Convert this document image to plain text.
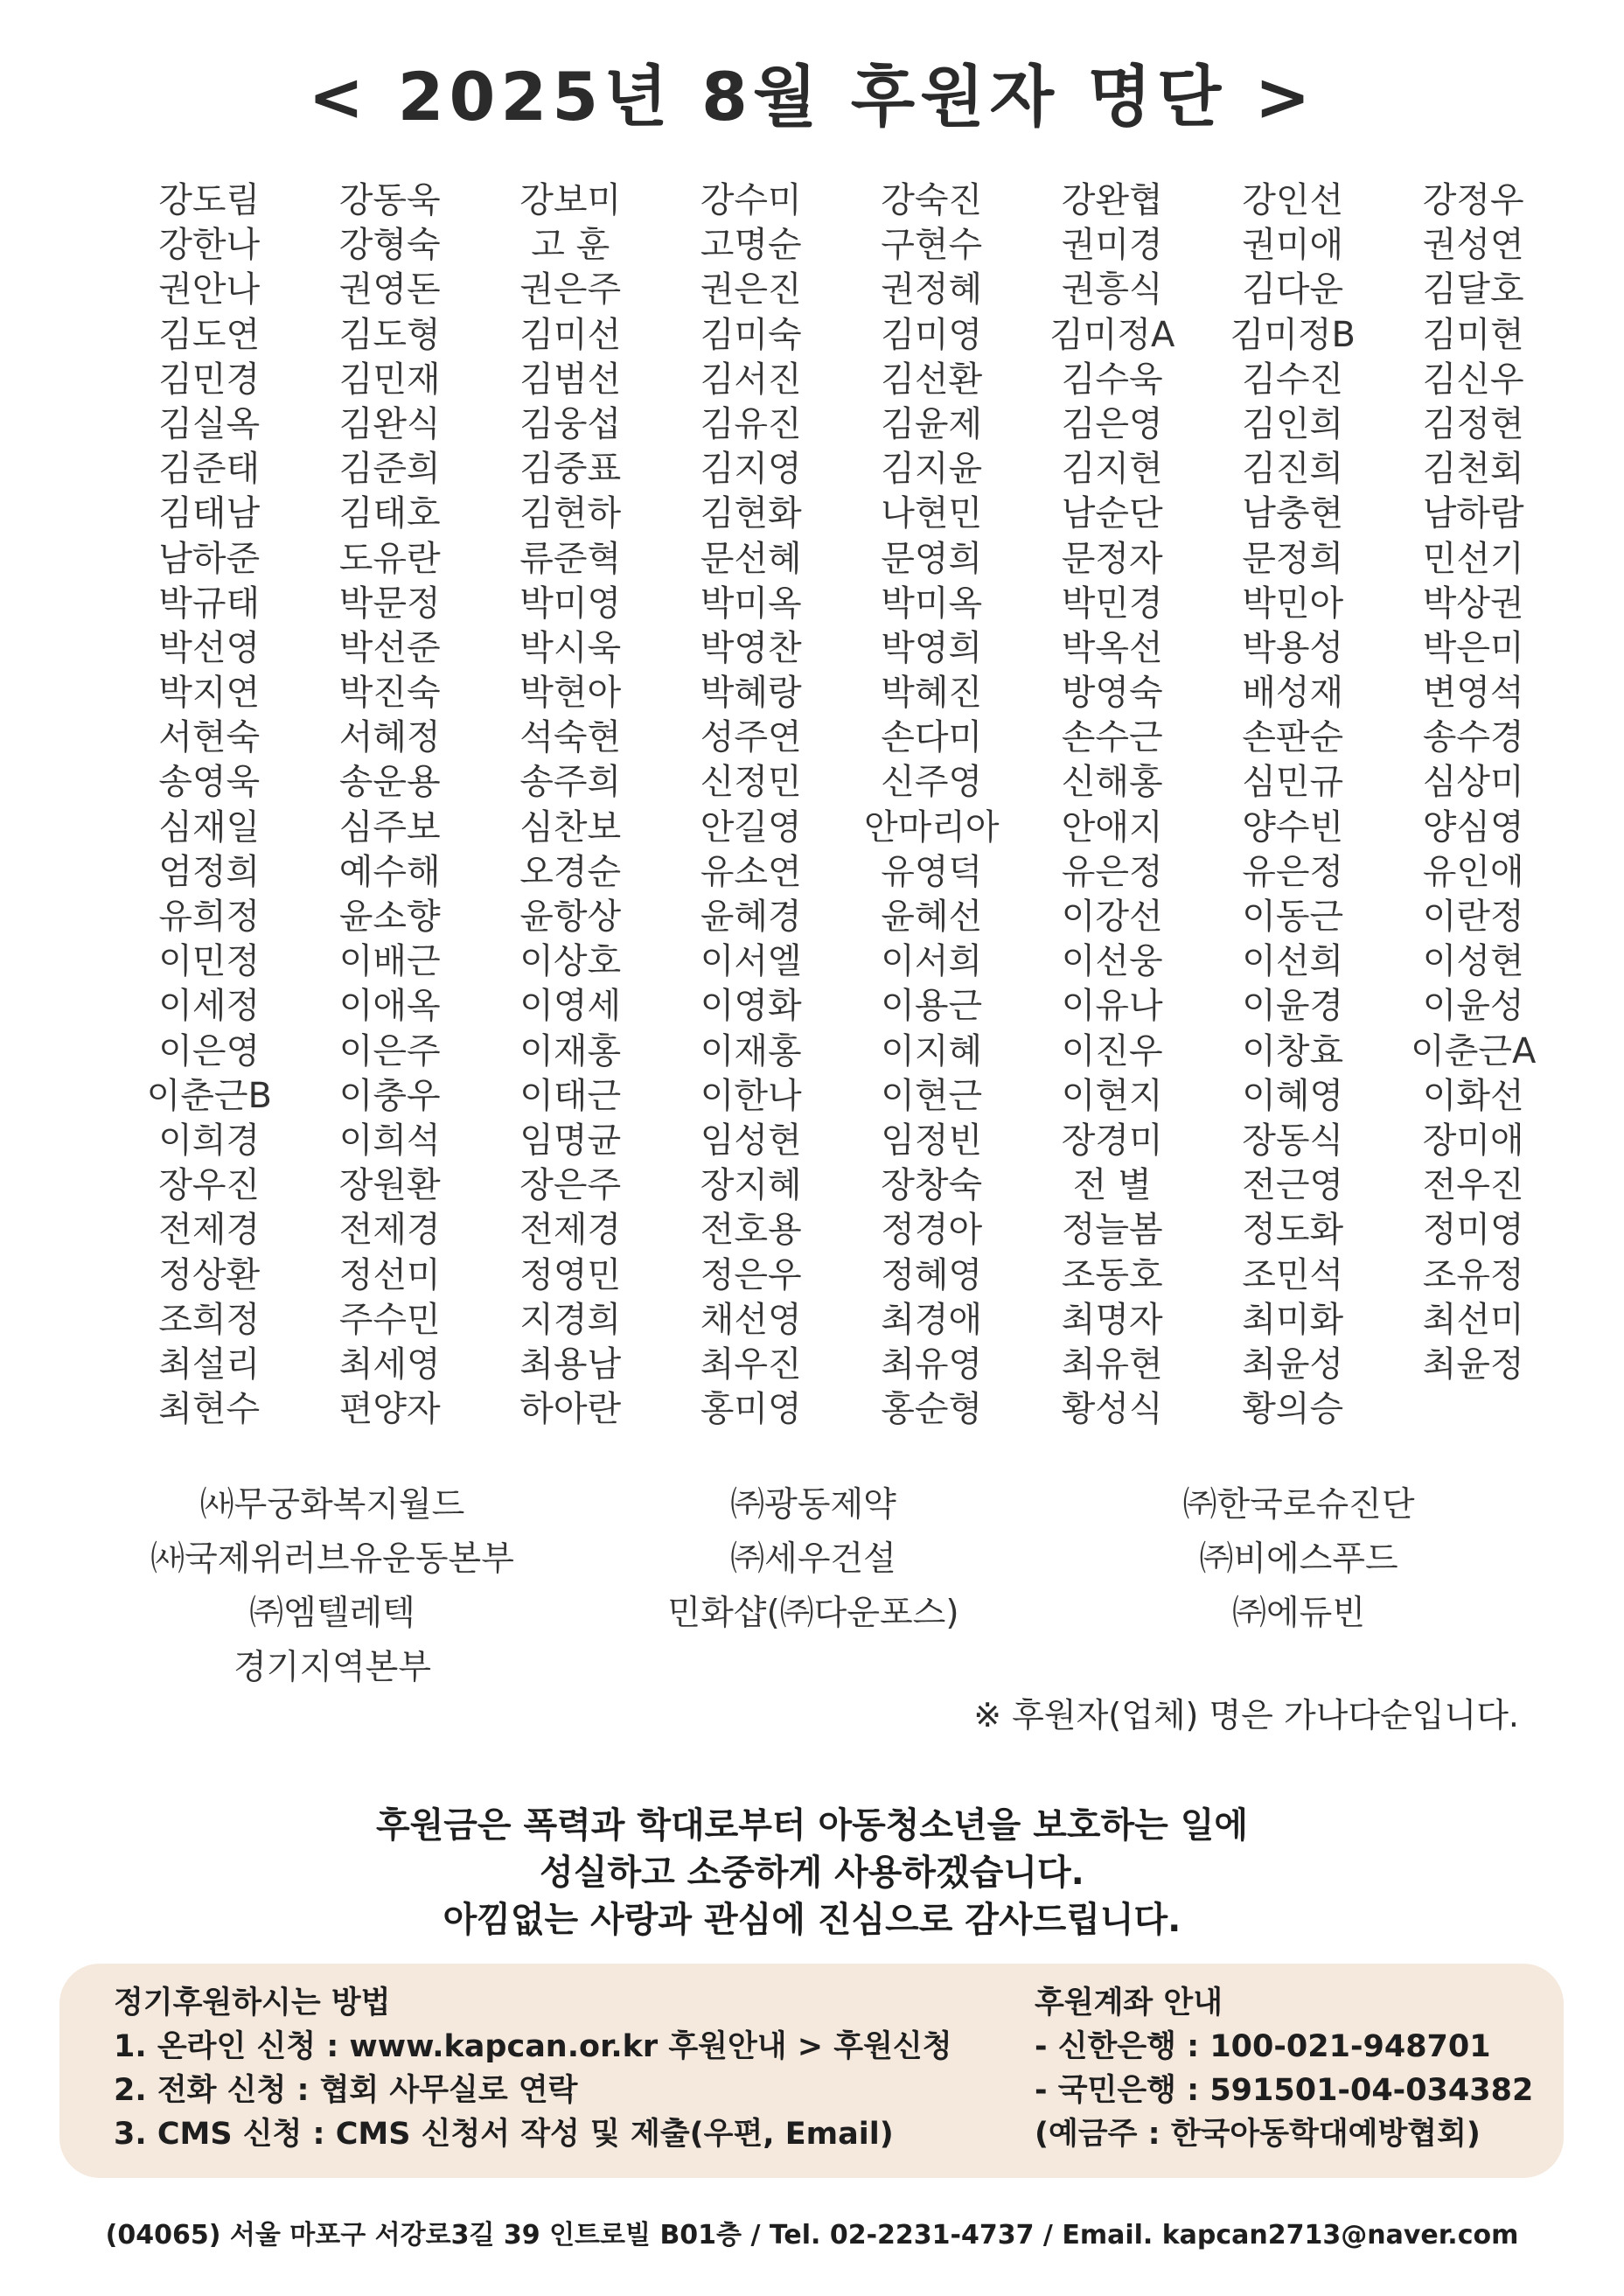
< 2025년 8월 후원자 명단 >
강도림	강동욱	강보미	강수미	강숙진	강완협	강인선	강정우
강한나	강형숙	고 훈	고명순	구현수	권미경	권미애	권성연
권안나	권영돈	권은주	권은진	권정혜	권흥식	김다운	김달호
김도연	김도형	김미선	김미숙	김미영	김미정A	김미정B	김미현
김민경	김민재	김범선	김서진	김선환	김수욱	김수진	김신우
김실옥	김완식	김웅섭	김유진	김윤제	김은영	김인희	김정현
김준태	김준희	김중표	김지영	김지윤	김지현	김진희	김천회
김태남	김태호	김현하	김현화	나현민	남순단	남충현	남하람
남하준	도유란	류준혁	문선혜	문영희	문정자	문정희	민선기
박규태	박문정	박미영	박미옥	박미옥	박민경	박민아	박상권
박선영	박선준	박시욱	박영찬	박영희	박옥선	박용성	박은미
박지연	박진숙	박현아	박혜랑	박혜진	방영숙	배성재	변영석
서현숙	서혜정	석숙현	성주연	손다미	손수근	손판순	송수경
송영욱	송운용	송주희	신정민	신주영	신해홍	심민규	심상미
심재일	심주보	심찬보	안길영	안마리아	안애지	양수빈	양심영
엄정희	예수해	오경순	유소연	유영덕	유은정	유은정	유인애
유희정	윤소향	윤항상	윤혜경	윤혜선	이강선	이동근	이란정
이민정	이배근	이상호	이서엘	이서희	이선웅	이선희	이성현
이세정	이애옥	이영세	이영화	이용근	이유나	이윤경	이윤성
이은영	이은주	이재홍	이재홍	이지혜	이진우	이창효	이춘근A
이춘근B	이충우	이태근	이한나	이현근	이현지	이혜영	이화선
이희경	이희석	임명균	임성현	임정빈	장경미	장동식	장미애
장우진	장원환	장은주	장지혜	장창숙	전 별	전근영	전우진
전제경	전제경	전제경	전호용	정경아	정늘봄	정도화	정미영
정상환	정선미	정영민	정은우	정혜영	조동호	조민석	조유정
조희정	주수민	지경희	채선영	최경애	최명자	최미화	최선미
최설리	최세영	최용남	최우진	최유영	최유현	최윤성	최윤정
최현수	편양자	하아란	홍미영	홍순형	황성식	황의승
㈔무궁화복지월드
㈔국제위러브유운동본부
㈜엠텔레텍
경기지역본부
㈜광동제약
㈜세우건설
민화샵(㈜다운포스)
㈜한국로슈진단
㈜비에스푸드
㈜에듀빈
※ 후원자(업체) 명은 가나다순입니다.
후원금은 폭력과 학대로부터 아동청소년을 보호하는 일에
성실하고 소중하게 사용하겠습니다.
아낌없는 사랑과 관심에 진심으로 감사드립니다.
정기후원하시는 방법
1. 온라인 신청 : www.kapcan.or.kr 후원안내 > 후원신청
2. 전화 신청 : 협회 사무실로 연락
3. CMS 신청 : CMS 신청서 작성 및 제출(우편, Email)
후원계좌 안내
- 신한은행 : 100-021-948701
- 국민은행 : 591501-04-034382
(예금주 : 한국아동학대예방협회)
(04065) 서울 마포구 서강로3길 39 인트로빌 B01층 / Tel. 02-2231-4737 / Email. kapcan2713@naver.com
